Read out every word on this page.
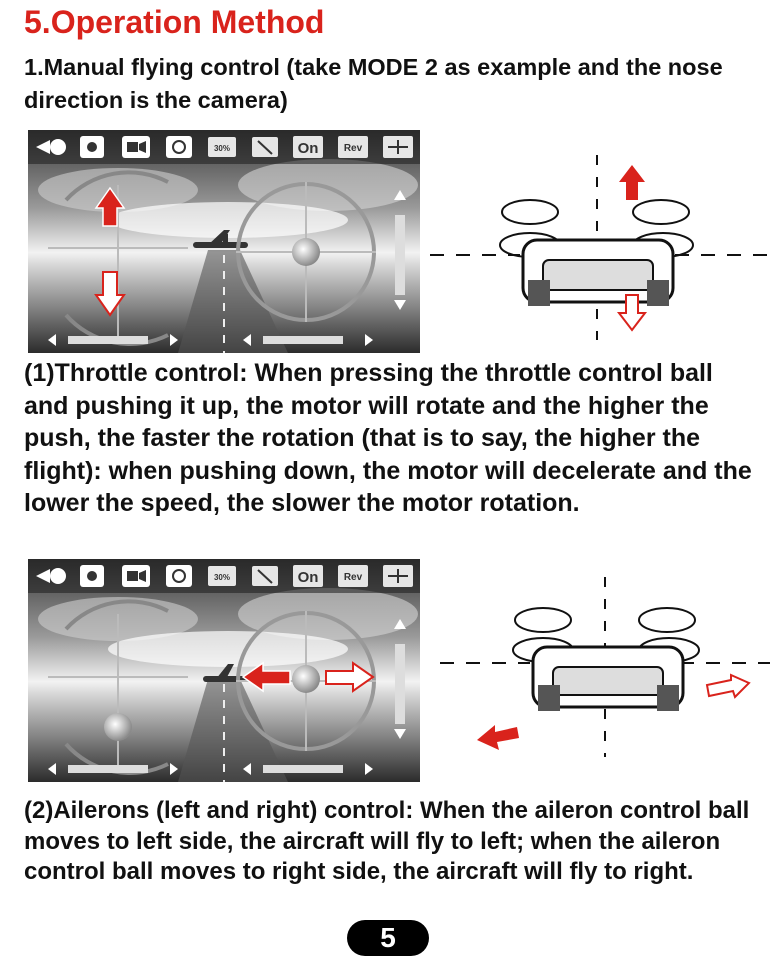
5.Operation Method

1.Manual flying control (take MODE 2 as example and the nose direction is the camera)

30%	On	Rev

(1)Throttle control: When pressing the throttle control ball and pushing it up, the motor will rotate and the higher the push, the faster the rotation (that is to say, the higher the flight): when pushing down, the motor will decelerate and the lower the speed, the slower the motor rotation.

30%	On	Rev

(2)Ailerons (left and right) control: When the aileron control ball moves to left side, the aircraft will fly to left; when the aileron control ball moves to right side, the aircraft will fly to right.

5
